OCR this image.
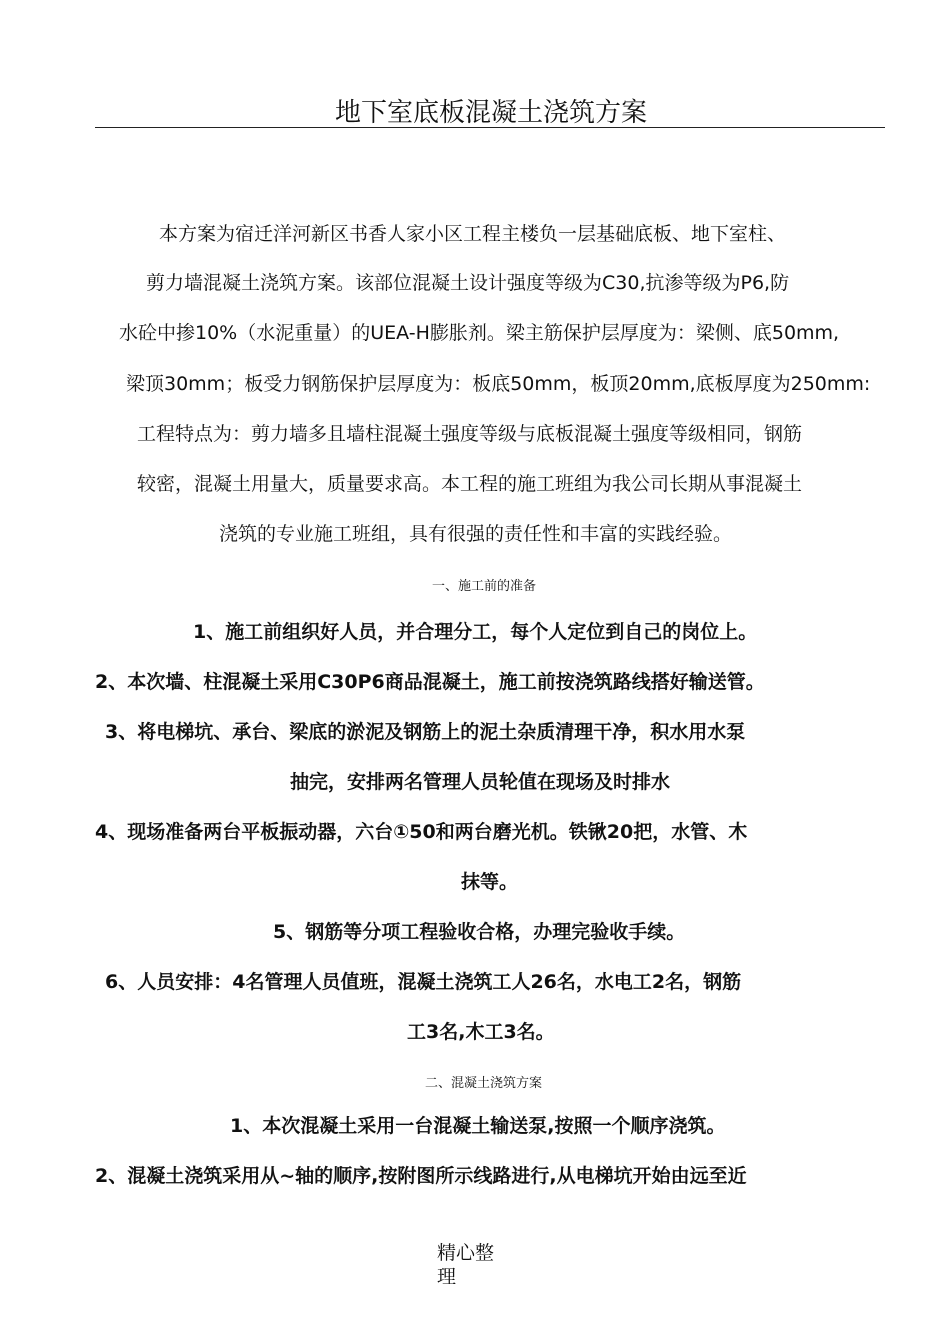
地下室底板混凝土浇筑方案
本方案为宿迁洋河新区书香人家小区工程主楼负一层基础底板、地下室柱、
剪力墙混凝土浇筑方案。该部位混凝土设计强度等级为C30,抗渗等级为P6,防
水砼中掺10%（水泥重量）的UEA-H膨胀剂。梁主筋保护层厚度为：梁侧、底50mm,
梁顶30mm；板受力钢筋保护层厚度为：板底50mm，板顶20mm,底板厚度为250mm:
工程特点为：剪力墙多且墙柱混凝土强度等级与底板混凝土强度等级相同，钢筋
较密，混凝土用量大，质量要求高。本工程的施工班组为我公司长期从事混凝土
浇筑的专业施工班组，具有很强的责任性和丰富的实践经验。
一、施工前的准备
1、施工前组织好人员，并合理分工，每个人定位到自己的岗位上。
2、本次墙、柱混凝土采用C30P6商品混凝土，施工前按浇筑路线搭好输送管。
3、将电梯坑、承台、梁底的淤泥及钢筋上的泥土杂质清理干净，积水用水泵
抽完，安排两名管理人员轮值在现场及时排水
4、现场准备两台平板振动器，六台①50和两台磨光机。铁锹20把，水管、木
抹等。
5、钢筋等分项工程验收合格，办理完验收手续。
6、人员安排：4名管理人员值班，混凝土浇筑工人26名，水电工2名，钢筋
工3名,木工3名。
二、混凝土浇筑方案
1、本次混凝土采用一台混凝土输送泵,按照一个顺序浇筑。
2、混凝土浇筑采用从~轴的顺序,按附图所示线路进行,从电梯坑开始由远至近
精心整
理
